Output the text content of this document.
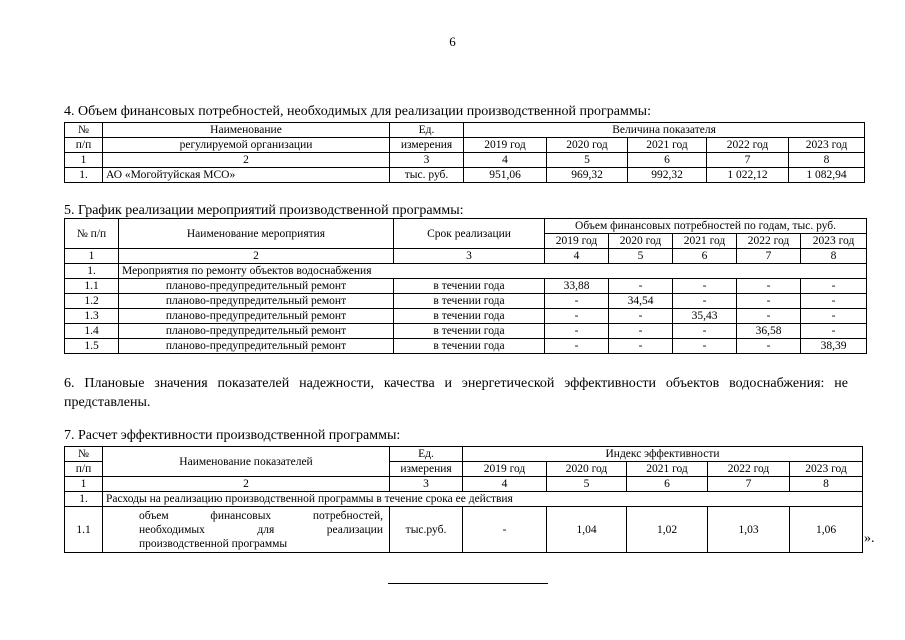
6
4. Объем финансовых потребностей, необходимых для реализации производственной программы:
№	Наименование	Ед.	Величина показателя				
п/п	регулируемой организации	измерения	2019 год	2020 год	2021 год	2022 год	2023 год
1	2	3	4	5	6	7	8
1.	АО «Могойтуйская МСО»	тыс. руб.	951,06	969,32	992,32	1 022,12	1 082,94
5. График реализации мероприятий производственной программы:
№ п/п	Наименование мероприятия	Срок реализации	Объем финансовых потребностей по годам, тыс. руб.				
			2019 год	2020 год	2021 год	2022 год	2023 год
1	2	3	4	5	6	7	8
1.	Мероприятия по ремонту объектов водоснабжения						
1.1	планово-предупредительный ремонт	в течении года	33,88	-	-	-	-
1.2	планово-предупредительный ремонт	в течении года	-	34,54	-	-	-
1.3	планово-предупредительный ремонт	в течении года	-	-	35,43	-	-
1.4	планово-предупредительный ремонт	в течении года	-	-	-	36,58	-
1.5	планово-предупредительный ремонт	в течении года	-	-	-	-	38,39
6. Плановые значения показателей надежности, качества и энергетической эффективности объектов водоснабжения: не
представлены.
7. Расчет эффективности производственной программы:
№	Наименование показателей	Ед.	Индекс эффективности				
п/п		измерения	2019 год	2020 год	2021 год	2022 год	2023 год
1	2	3	4	5	6	7	8
1.	Расходы на реализацию производственной программы в течение срока ее действия						
1.1	объем финансовых потребностей,
необходимых для реализации
производственной программы	тыс.руб.	-	1,04	1,02	1,03	1,06
».
